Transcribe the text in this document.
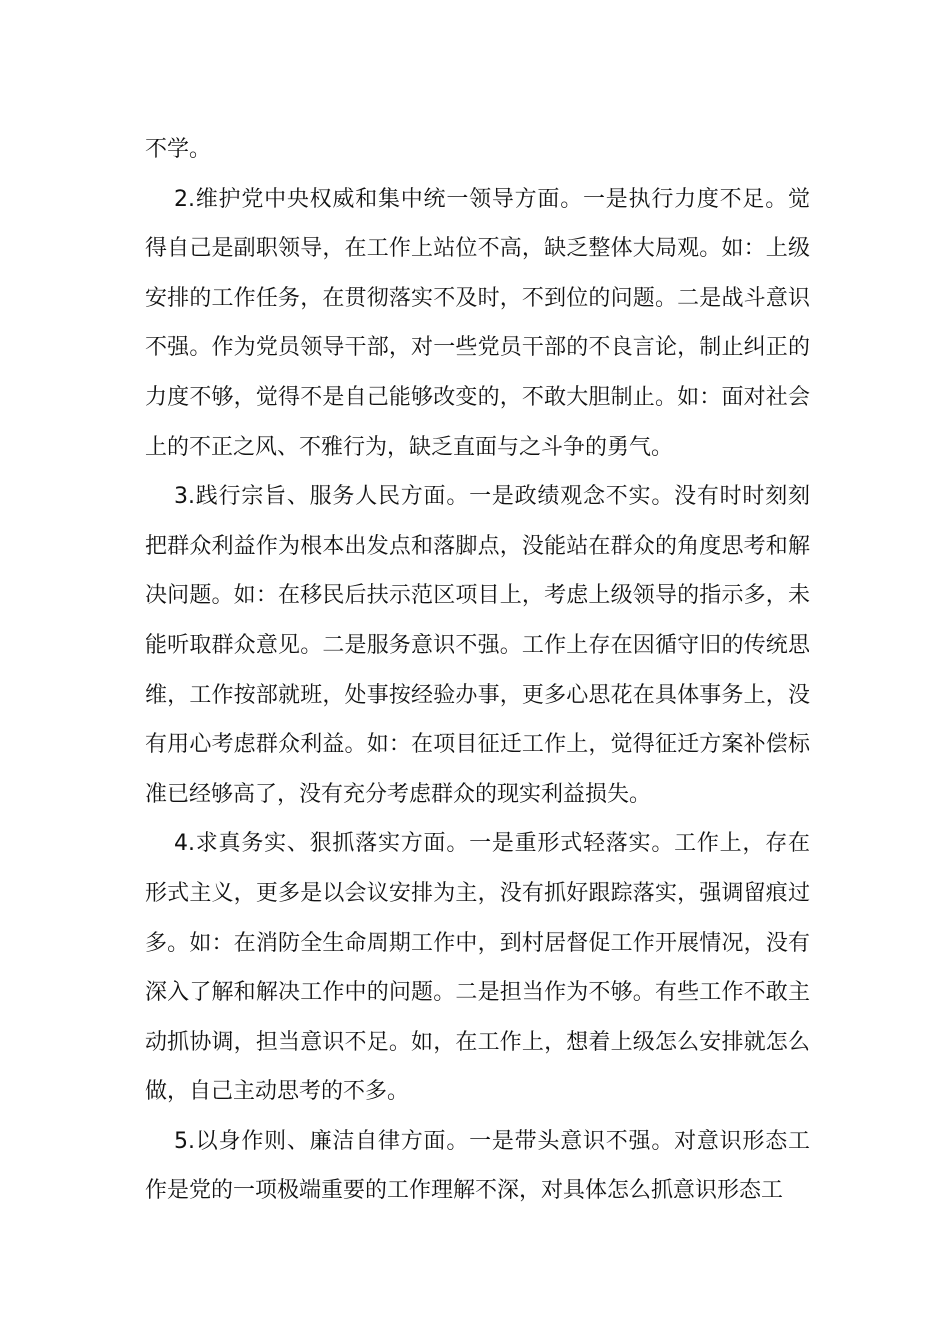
不学。

2.维护党中央权威和集中统一领导方面。一是执行力度不足。觉得自己是副职领导，在工作上站位不高，缺乏整体大局观。如：上级安排的工作任务，在贯彻落实不及时，不到位的问题。二是战斗意识不强。作为党员领导干部，对一些党员干部的不良言论，制止纠正的力度不够，觉得不是自己能够改变的，不敢大胆制止。如：面对社会上的不正之风、不雅行为，缺乏直面与之斗争的勇气。

3.践行宗旨、服务人民方面。一是政绩观念不实。没有时时刻刻把群众利益作为根本出发点和落脚点，没能站在群众的角度思考和解决问题。如：在移民后扶示范区项目上，考虑上级领导的指示多，未能听取群众意见。二是服务意识不强。工作上存在因循守旧的传统思维，工作按部就班，处事按经验办事，更多心思花在具体事务上，没有用心考虑群众利益。如：在项目征迁工作上，觉得征迁方案补偿标准已经够高了，没有充分考虑群众的现实利益损失。

4.求真务实、狠抓落实方面。一是重形式轻落实。工作上，存在形式主义，更多是以会议安排为主，没有抓好跟踪落实，强调留痕过多。如：在消防全生命周期工作中，到村居督促工作开展情况，没有深入了解和解决工作中的问题。二是担当作为不够。有些工作不敢主动抓协调，担当意识不足。如，在工作上，想着上级怎么安排就怎么做，自己主动思考的不多。

5.以身作则、廉洁自律方面。一是带头意识不强。对意识形态工作是党的一项极端重要的工作理解不深，对具体怎么抓意识形态工
